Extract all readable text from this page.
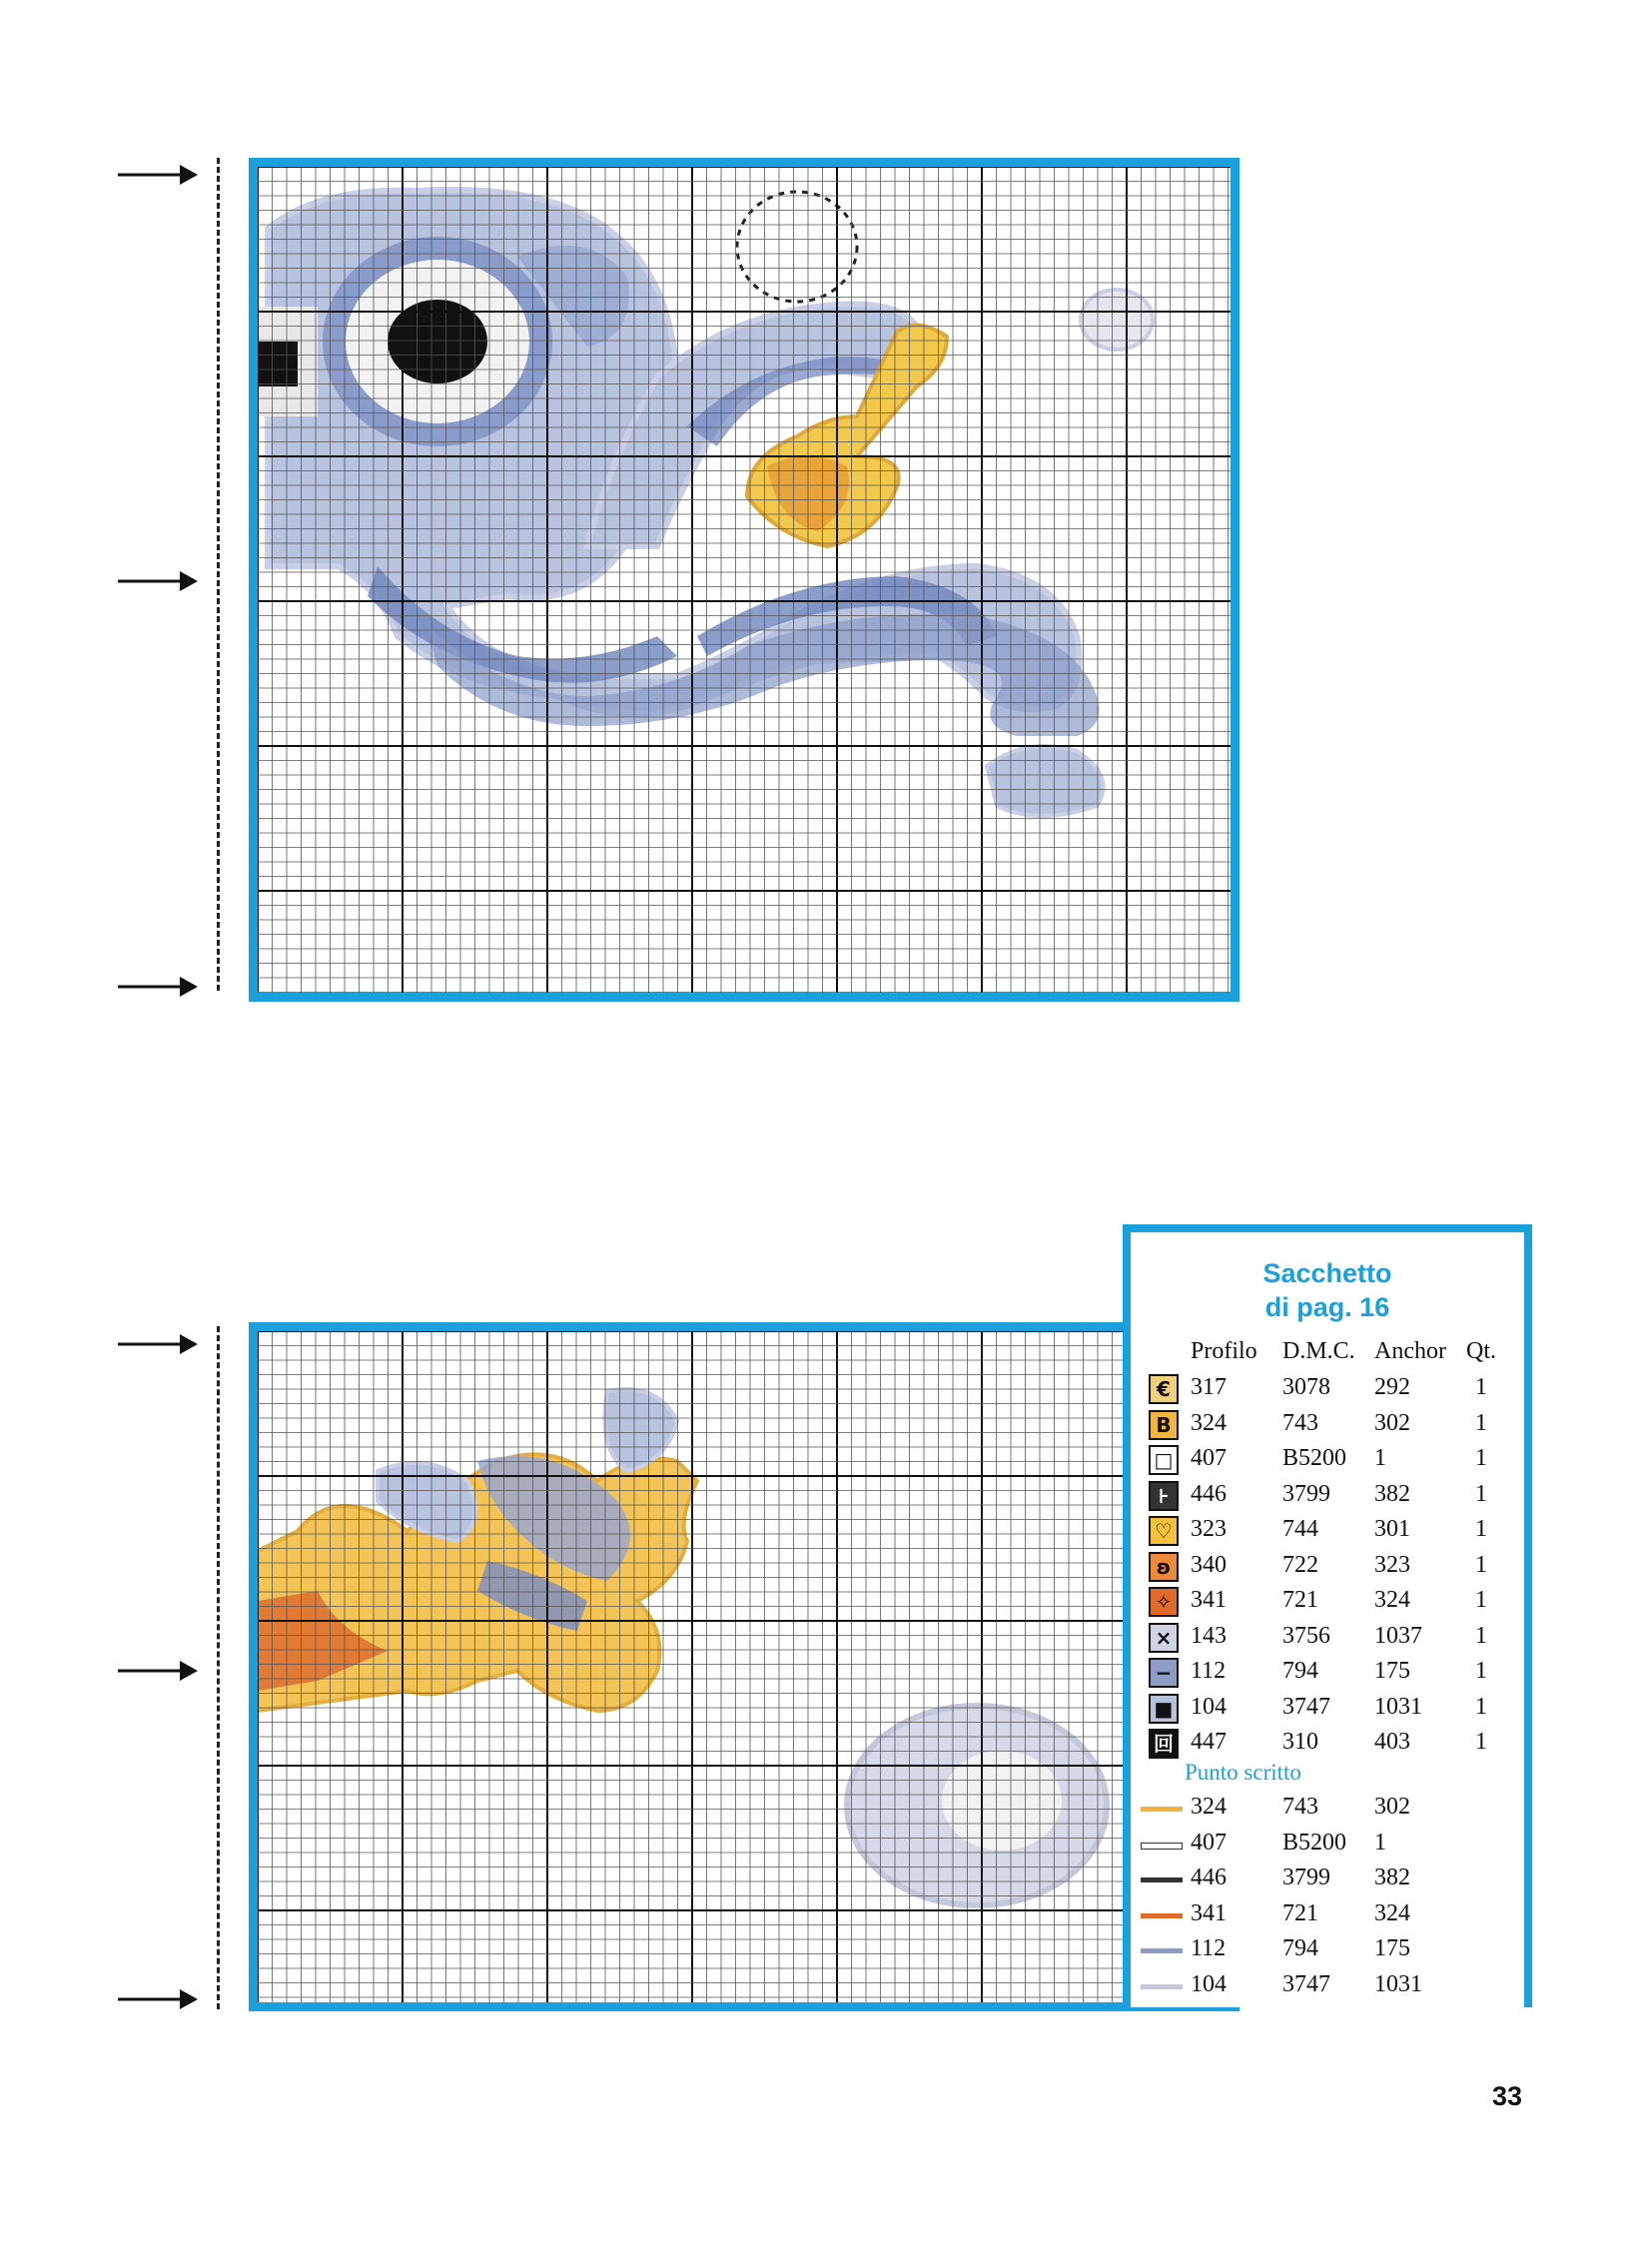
Sacchetto
di pag. 16
Profilo D.M.C. Anchor Qt.
€ 317 3078 292	1
B 324 743 302	1
□ 407 B5200 1	1
⊦ 446 3799 382	1
♡ 323 744 301	1
ʚ 340 722 323	1
✧ 341 721 324	1
× 143 3756 1037 1
− 112 794 175	1
■ 104 3747 1031 1
回 447 310 403	1
Punto scritto
324 743 302
407 B5200 1
446 3799 382
341 721 324
112 794 175
104 3747 1031
33
